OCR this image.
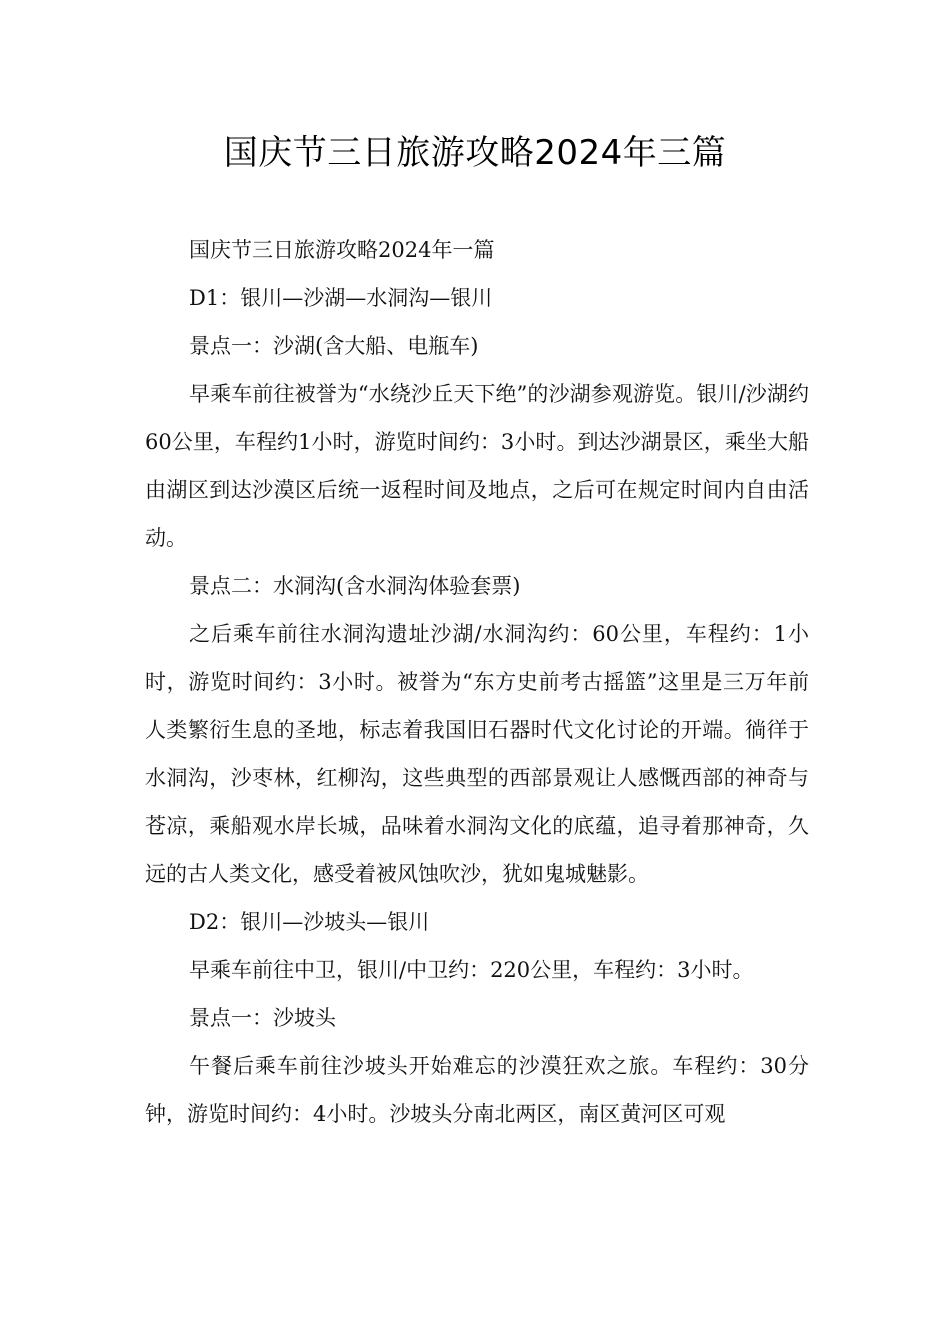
国庆节三日旅游攻略2024年三篇

国庆节三日旅游攻略2024年一篇

D1：银川—沙湖—水洞沟—银川

景点一：沙湖(含大船、电瓶车)

早乘车前往被誉为“水绕沙丘天下绝”的沙湖参观游览。银川/沙湖约60公里，车程约1小时，游览时间约：3小时。到达沙湖景区，乘坐大船由湖区到达沙漠区后统一返程时间及地点，之后可在规定时间内自由活动。

景点二：水洞沟(含水洞沟体验套票)

之后乘车前往水洞沟遗址沙湖/水洞沟约：60公里，车程约：1小时，游览时间约：3小时。被誉为“东方史前考古摇篮”这里是三万年前人类繁衍生息的圣地，标志着我国旧石器时代文化讨论的开端。徜徉于水洞沟，沙枣林，红柳沟，这些典型的西部景观让人感慨西部的神奇与苍凉，乘船观水岸长城，品味着水洞沟文化的底蕴，追寻着那神奇，久远的古人类文化，感受着被风蚀吹沙，犹如鬼城魅影。

D2：银川—沙坡头—银川

早乘车前往中卫，银川/中卫约：220公里，车程约：3小时。

景点一：沙坡头

午餐后乘车前往沙坡头开始难忘的沙漠狂欢之旅。车程约：30分钟，游览时间约：4小时。沙坡头分南北两区，南区黄河区可观
